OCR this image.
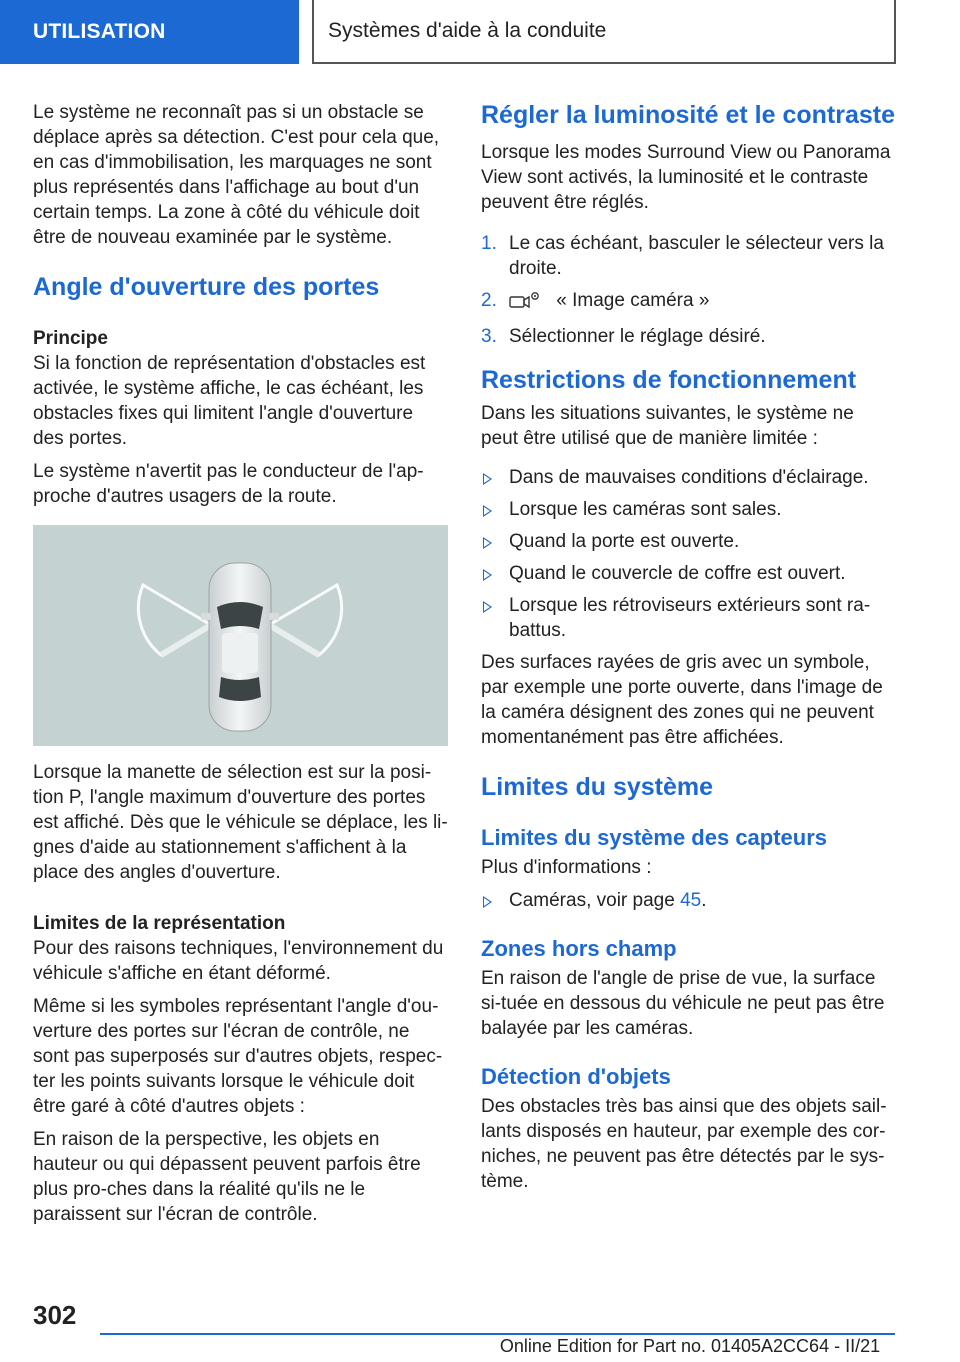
UTILISATION	Systèmes d'aide à la conduite

Le système ne reconnaît pas si un obstacle se déplace après sa détection. C'est pour cela que, en cas d'immobilisation, les marquages ne sont plus représentés dans l'affichage au bout d'un certain temps. La zone à côté du véhicule doit être de nouveau examinée par le système.

Angle d'ouverture des portes
Principe

Si la fonction de représentation d'obstacles est activée, le système affiche, le cas échéant, les obstacles fixes qui limitent l'angle d'ouverture des portes.

Le système n'avertit pas le conducteur de l'ap-proche d'autres usagers de la route.

Lorsque la manette de sélection est sur la posi-tion P, l'angle maximum d'ouverture des portes est affiché. Dès que le véhicule se déplace, les li-gnes d'aide au stationnement s'affichent à la place des angles d'ouverture.

Limites de la représentation

Pour des raisons techniques, l'environnement du véhicule s'affiche en étant déformé.

Même si les symboles représentant l'angle d'ou-verture des portes sur l'écran de contrôle, ne sont pas superposés sur d'autres objets, respec-ter les points suivants lorsque le véhicule doit être garé à côté d'autres objets :

En raison de la perspective, les objets en hauteur ou qui dépassent peuvent parfois être plus pro-ches dans la réalité qu'ils ne le paraissent sur l'écran de contrôle.

Régler la luminosité et le contraste

Lorsque les modes Surround View ou Panorama View sont activés, la luminosité et le contraste peuvent être réglés.

1. Le cas échéant, basculer le sélecteur vers la droite.
2.	« Image caméra »
3. Sélectionner le réglage désiré.
Restrictions de fonctionnement

Dans les situations suivantes, le système ne peut être utilisé que de manière limitée :

Dans de mauvaises conditions d'éclairage.
Lorsque les caméras sont sales.
Quand la porte est ouverte.
Quand le couvercle de coffre est ouvert.
Lorsque les rétroviseurs extérieurs sont ra-battus.

Des surfaces rayées de gris avec un symbole, par exemple une porte ouverte, dans l'image de la caméra désignent des zones qui ne peuvent momentanément pas être affichées.

Limites du système
Limites du système des capteurs

Plus d'informations :

Caméras, voir page 45.
Zones hors champ

En raison de l'angle de prise de vue, la surface si-tuée en dessous du véhicule ne peut pas être balayée par les caméras.

Détection d'objets

Des obstacles très bas ainsi que des objets sail-lants disposés en hauteur, par exemple des cor-niches, ne peuvent pas être détectés par le sys-tème.

302
Online Edition for Part no. 01405A2CC64 - II/21
